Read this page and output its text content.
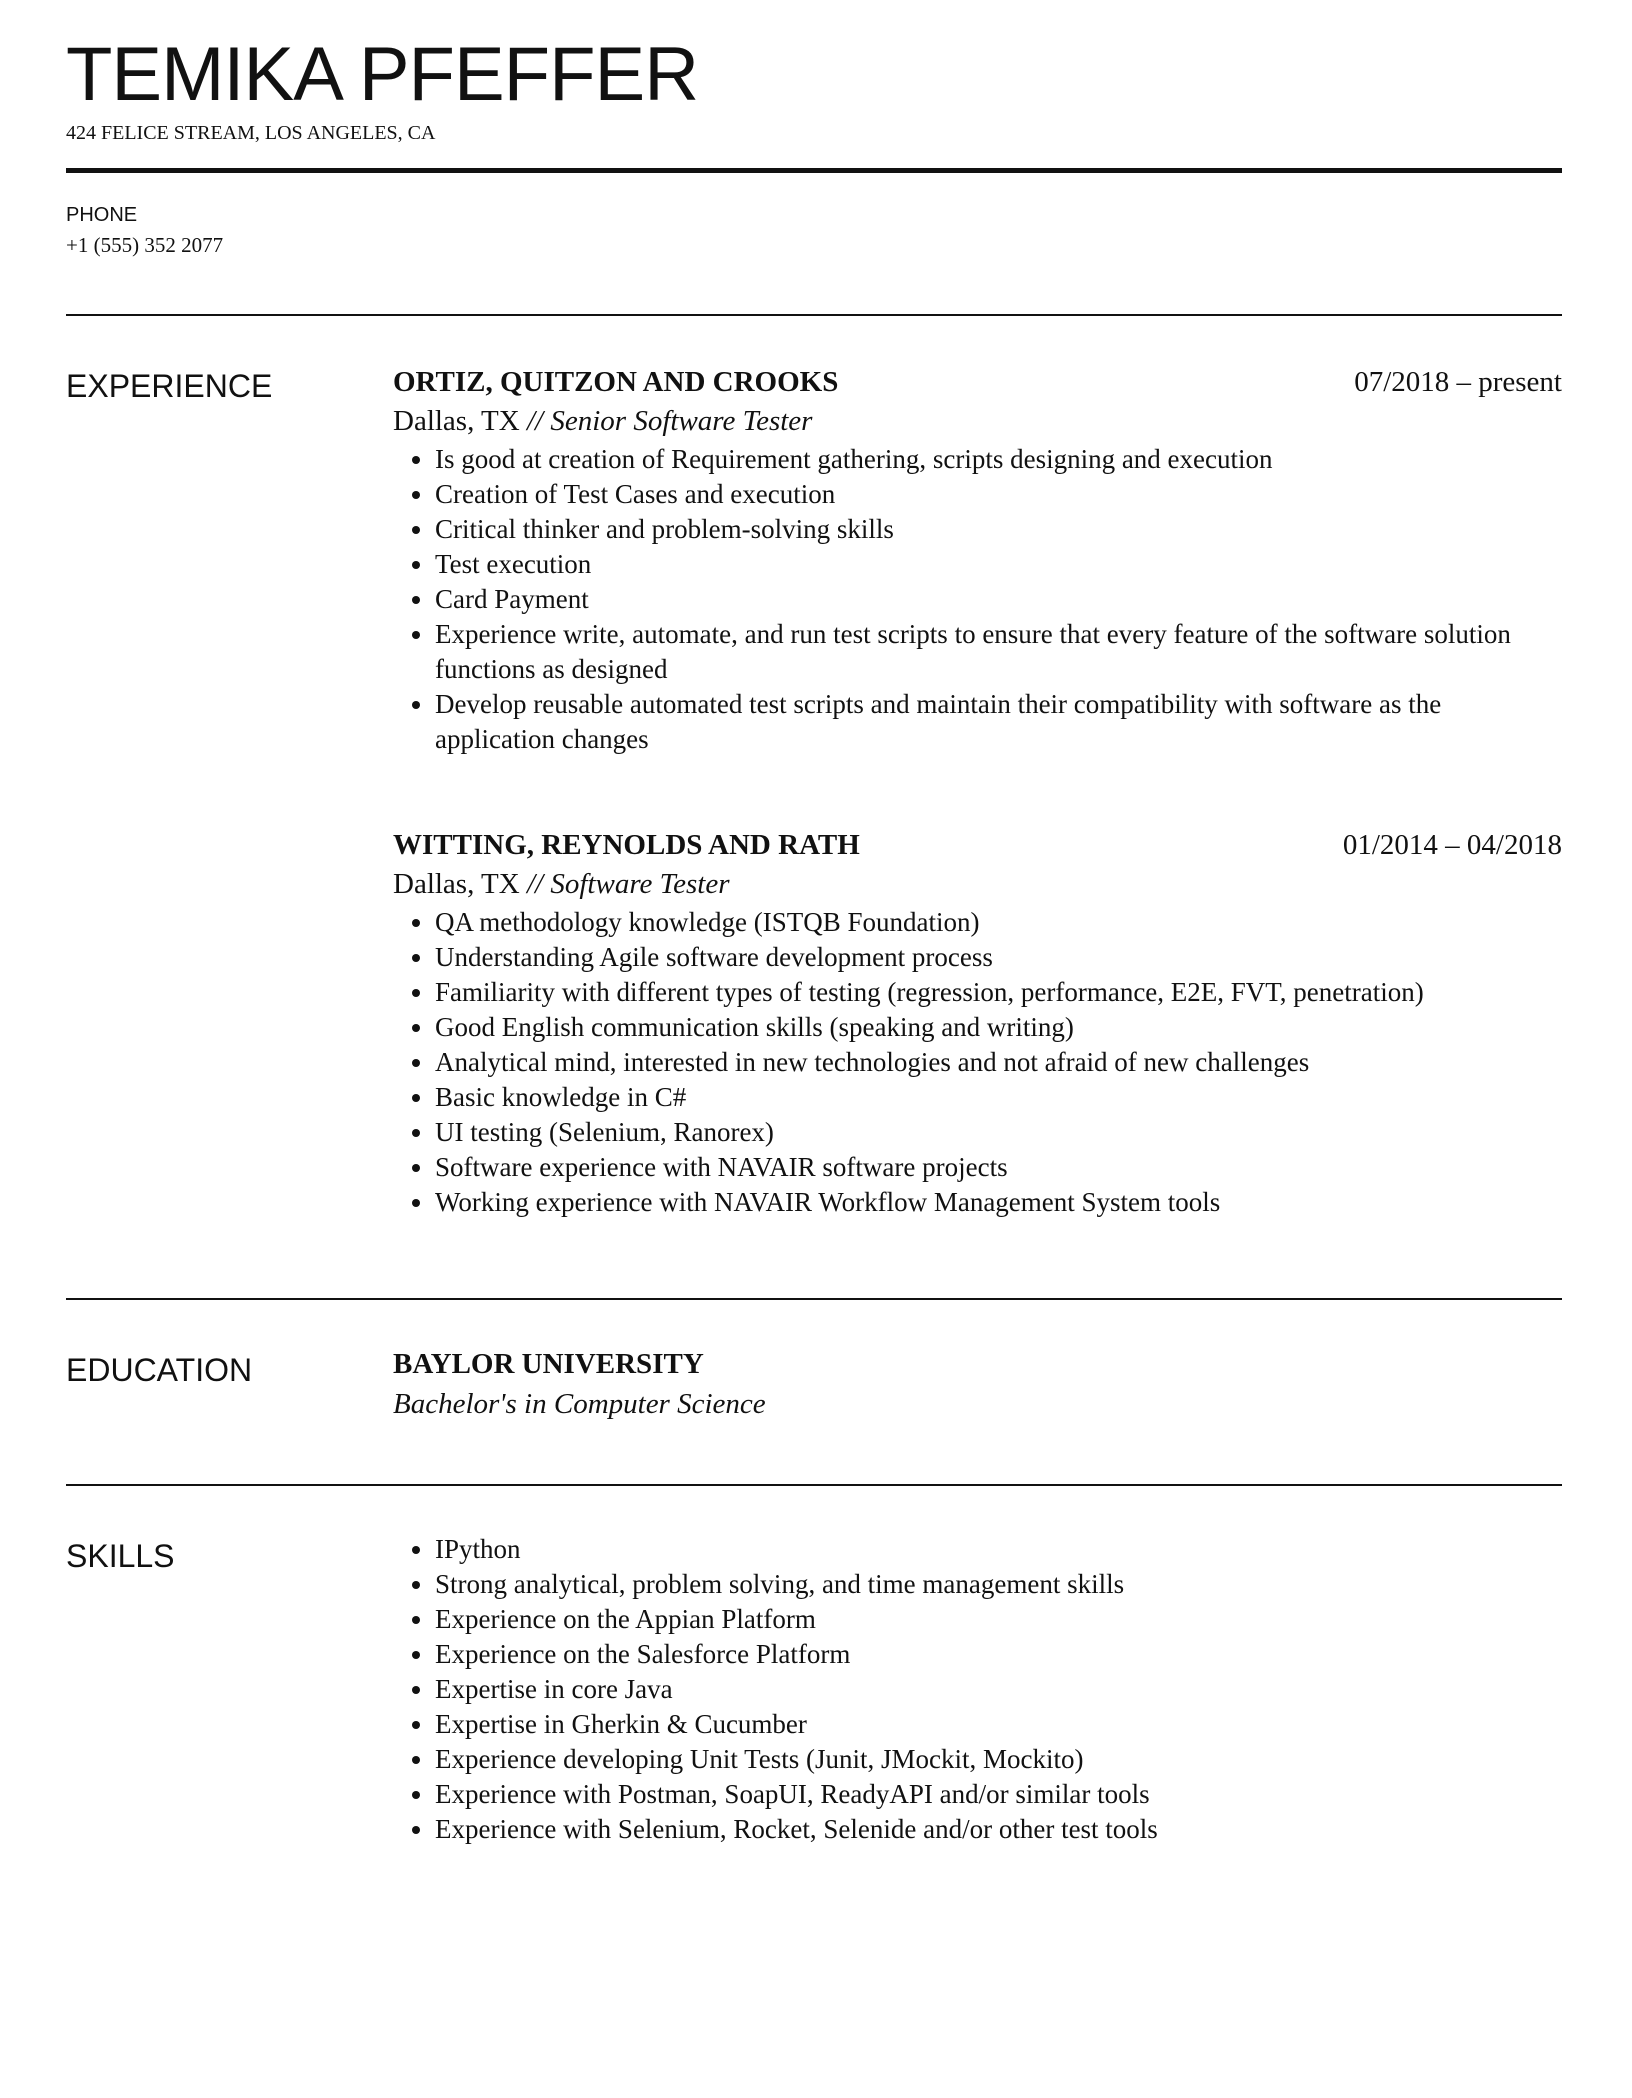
TEMIKA PFEFFER
424 FELICE STREAM, LOS ANGELES, CA
PHONE
+1 (555) 352 2077
EXPERIENCE	ORTIZ, QUITZON AND CROOKS	07/2018 – present
Dallas, TX // Senior Software Tester
• Is good at creation of Requirement gathering, scripts designing and execution
• Creation of Test Cases and execution
• Critical thinker and problem-solving skills
• Test execution
• Card Payment
• Experience write, automate, and run test scripts to ensure that every feature of the software solution functions as designed
• Develop reusable automated test scripts and maintain their compatibility with software as the application changes
WITTING, REYNOLDS AND RATH	01/2014 – 04/2018
Dallas, TX // Software Tester
• QA methodology knowledge (ISTQB Foundation)
• Understanding Agile software development process
• Familiarity with different types of testing (regression, performance, E2E, FVT, penetration)
• Good English communication skills (speaking and writing)
• Analytical mind, interested in new technologies and not afraid of new challenges
• Basic knowledge in C#
• UI testing (Selenium, Ranorex)
• Software experience with NAVAIR software projects
• Working experience with NAVAIR Workflow Management System tools
EDUCATION	BAYLOR UNIVERSITY
Bachelor's in Computer Science
SKILLS
•	IPython
• Strong analytical, problem solving, and time management skills
• Experience on the Appian Platform
• Experience on the Salesforce Platform
• Expertise in core Java
• Expertise in Gherkin & Cucumber
• Experience developing Unit Tests (Junit, JMockit, Mockito)
• Experience with Postman, SoapUI, ReadyAPI and/or similar tools
• Experience with Selenium, Rocket, Selenide and/or other test tools
